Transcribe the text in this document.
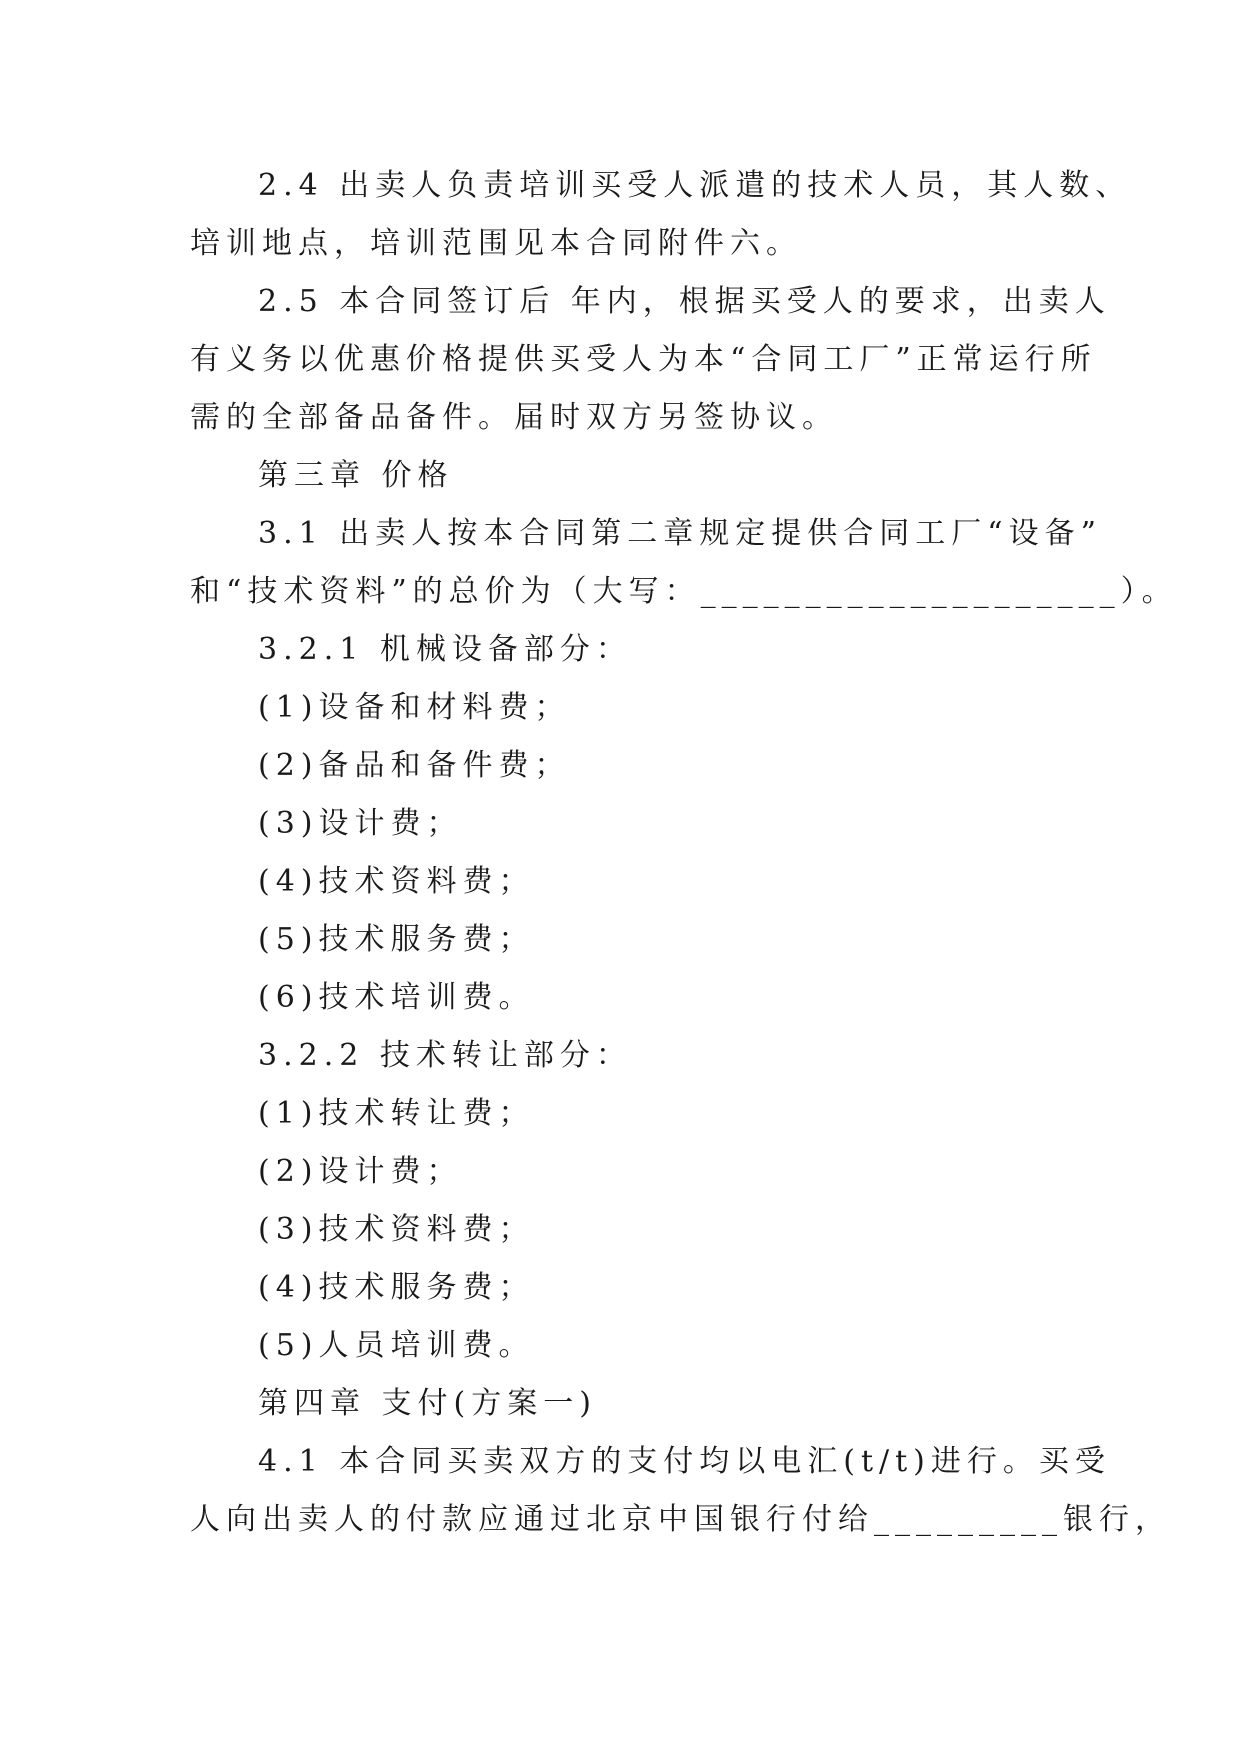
2.4 出卖人负责培训买受人派遣的技术人员，其人数、
培训地点，培训范围见本合同附件六。
2.5 本合同签订后 年内，根据买受人的要求，出卖人
有义务以优惠价格提供买受人为本“合同工厂”正常运行所
需的全部备品备件。届时双方另签协议。
第三章 价格
3.1 出卖人按本合同第二章规定提供合同工厂“设备”
和“技术资料”的总价为（大写：____________________）。
3.2.1 机械设备部分：
(1)设备和材料费；
(2)备品和备件费；
(3)设计费；
(4)技术资料费；
(5)技术服务费；
(6)技术培训费。
3.2.2 技术转让部分：
(1)技术转让费；
(2)设计费；
(3)技术资料费；
(4)技术服务费；
(5)人员培训费。
第四章 支付(方案一)
4.1 本合同买卖双方的支付均以电汇(t/t)进行。买受
人向出卖人的付款应通过北京中国银行付给_________银行，
